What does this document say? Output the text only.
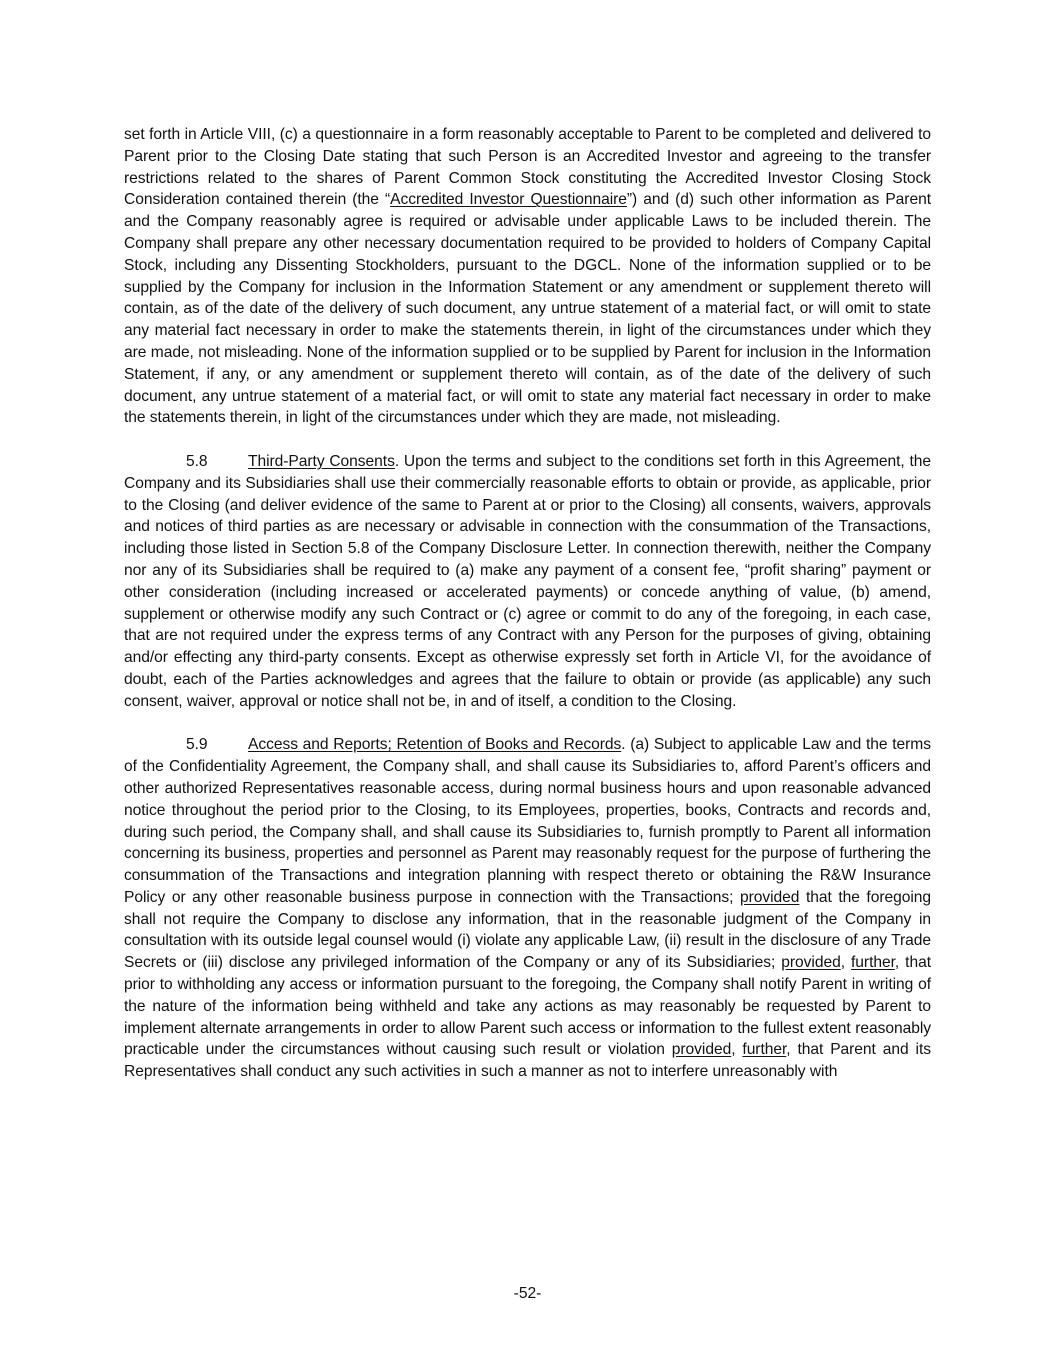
set forth in Article VIII, (c) a questionnaire in a form reasonably acceptable to Parent to be completed and delivered to Parent prior to the Closing Date stating that such Person is an Accredited Investor and agreeing to the transfer restrictions related to the shares of Parent Common Stock constituting the Accredited Investor Closing Stock Consideration contained therein (the “Accredited Investor Questionnaire”) and (d) such other information as Parent and the Company reasonably agree is required or advisable under applicable Laws to be included therein. The Company shall prepare any other necessary documentation required to be provided to holders of Company Capital Stock, including any Dissenting Stockholders, pursuant to the DGCL. None of the information supplied or to be supplied by the Company for inclusion in the Information Statement or any amendment or supplement thereto will contain, as of the date of the delivery of such document, any untrue statement of a material fact, or will omit to state any material fact necessary in order to make the statements therein, in light of the circumstances under which they are made, not misleading. None of the information supplied or to be supplied by Parent for inclusion in the Information Statement, if any, or any amendment or supplement thereto will contain, as of the date of the delivery of such document, any untrue statement of a material fact, or will omit to state any material fact necessary in order to make the statements therein, in light of the circumstances under which they are made, not misleading.

5.8	Third-Party Consents. Upon the terms and subject to the conditions set forth in this Agreement, the Company and its Subsidiaries shall use their commercially reasonable efforts to obtain or provide, as applicable, prior to the Closing (and deliver evidence of the same to Parent at or prior to the Closing) all consents, waivers, approvals and notices of third parties as are necessary or advisable in connection with the consummation of the Transactions, including those listed in Section 5.8 of the Company Disclosure Letter. In connection therewith, neither the Company nor any of its Subsidiaries shall be required to (a) make any payment of a consent fee, “profit sharing” payment or other consideration (including increased or accelerated payments) or concede anything of value, (b) amend, supplement or otherwise modify any such Contract or (c) agree or commit to do any of the foregoing, in each case, that are not required under the express terms of any Contract with any Person for the purposes of giving, obtaining and/or effecting any third-party consents. Except as otherwise expressly set forth in Article VI, for the avoidance of doubt, each of the Parties acknowledges and agrees that the failure to obtain or provide (as applicable) any such consent, waiver, approval or notice shall not be, in and of itself, a condition to the Closing.

5.9	Access and Reports; Retention of Books and Records. (a) Subject to applicable Law and the terms of the Confidentiality Agreement, the Company shall, and shall cause its Subsidiaries to, afford Parent’s officers and other authorized Representatives reasonable access, during normal business hours and upon reasonable advanced notice throughout the period prior to the Closing, to its Employees, properties, books, Contracts and records and, during such period, the Company shall, and shall cause its Subsidiaries to, furnish promptly to Parent all information concerning its business, properties and personnel as Parent may reasonably request for the purpose of furthering the consummation of the Transactions and integration planning with respect thereto or obtaining the R&W Insurance Policy or any other reasonable business purpose in connection with the Transactions; provided that the foregoing shall not require the Company to disclose any information, that in the reasonable judgment of the Company in consultation with its outside legal counsel would (i) violate any applicable Law, (ii) result in the disclosure of any Trade Secrets or (iii) disclose any privileged information of the Company or any of its Subsidiaries; provided, further, that prior to withholding any access or information pursuant to the foregoing, the Company shall notify Parent in writing of the nature of the information being withheld and take any actions as may reasonably be requested by Parent to implement alternate arrangements in order to allow Parent such access or information to the fullest extent reasonably practicable under the circumstances without causing such result or violation provided, further, that Parent and its Representatives shall conduct any such activities in such a manner as not to interfere unreasonably with

-52-
